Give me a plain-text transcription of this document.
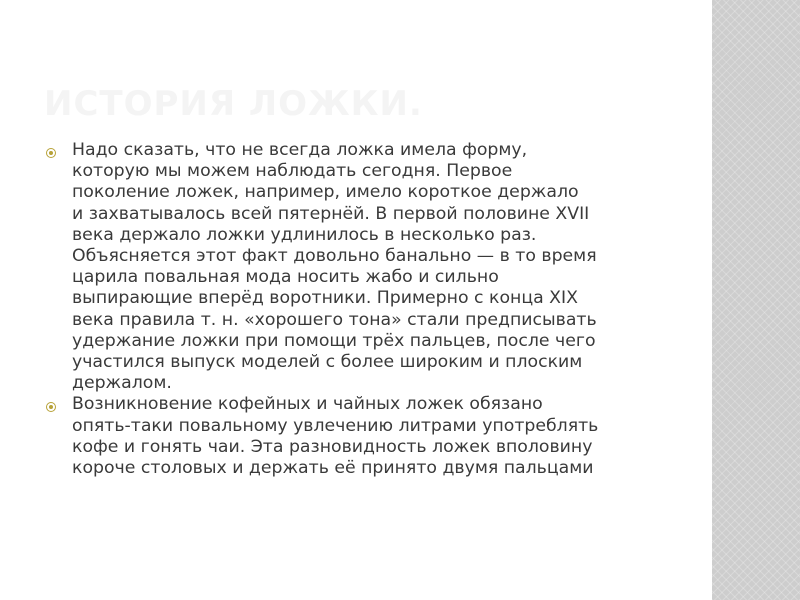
ИСТОРИЯ ЛОЖКИ.
Надо сказать, что не всегда ложка имела форму,
которую мы можем наблюдать сегодня. Первое
поколение ложек, например, имело короткое держало
и захватывалось всей пятернёй. В первой половине XVII
века держало ложки удлинилось в несколько раз.
Объясняется этот факт довольно банально — в то время
царила повальная мода носить жабо и сильно
выпирающие вперёд воротники. Примерно с конца XIX
века правила т. н. «хорошего тона» стали предписывать
удержание ложки при помощи трёх пальцев, после чего
участился выпуск моделей с более широким и плоским
держалом.
Возникновение кофейных и чайных ложек обязано
опять-таки повальному увлечению литрами употреблять
кофе и гонять чаи. Эта разновидность ложек вполовину
короче столовых и держать её принято двумя пальцами
